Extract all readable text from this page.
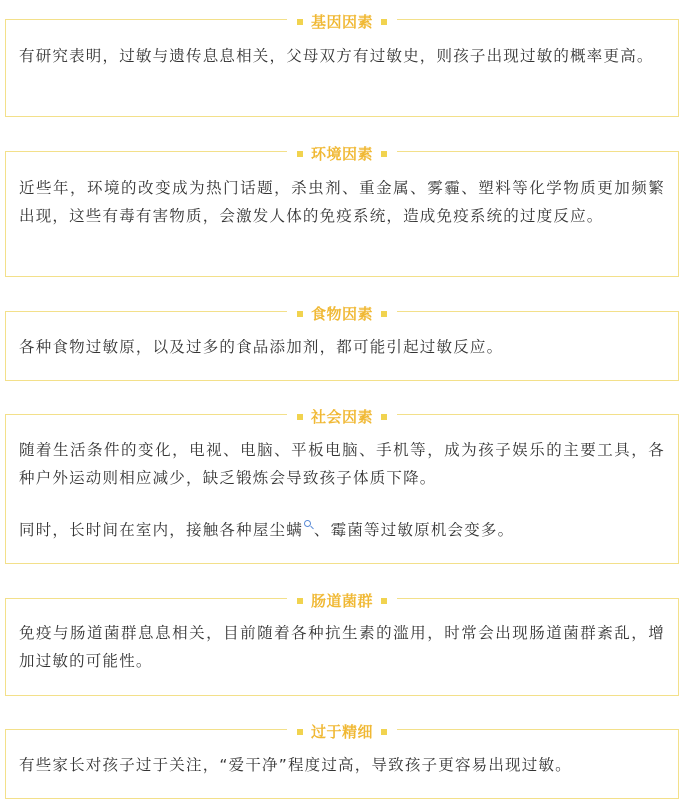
基因因素

有研究表明，过敏与遗传息息相关，父母双方有过敏史，则孩子出现过敏的概率更高。

环境因素

近些年，环境的改变成为热门话题，杀虫剂、重金属、雾霾、塑料等化学物质更加频繁出现，这些有毒有害物质，会激发人体的免疫系统，造成免疫系统的过度反应。

食物因素

各种食物过敏原，以及过多的食品添加剂，都可能引起过敏反应。

社会因素

随着生活条件的变化，电视、电脑、平板电脑、手机等，成为孩子娱乐的主要工具，各种户外运动则相应减少，缺乏锻炼会导致孩子体质下降。

同时，长时间在室内，接触各种屋尘螨 、霉菌等过敏原机会变多。

肠道菌群

免疫与肠道菌群息息相关，目前随着各种抗生素的滥用，时常会出现肠道菌群紊乱，增加过敏的可能性。

过于精细

有些家长对孩子过于关注，“爱干净”程度过高，导致孩子更容易出现过敏。
